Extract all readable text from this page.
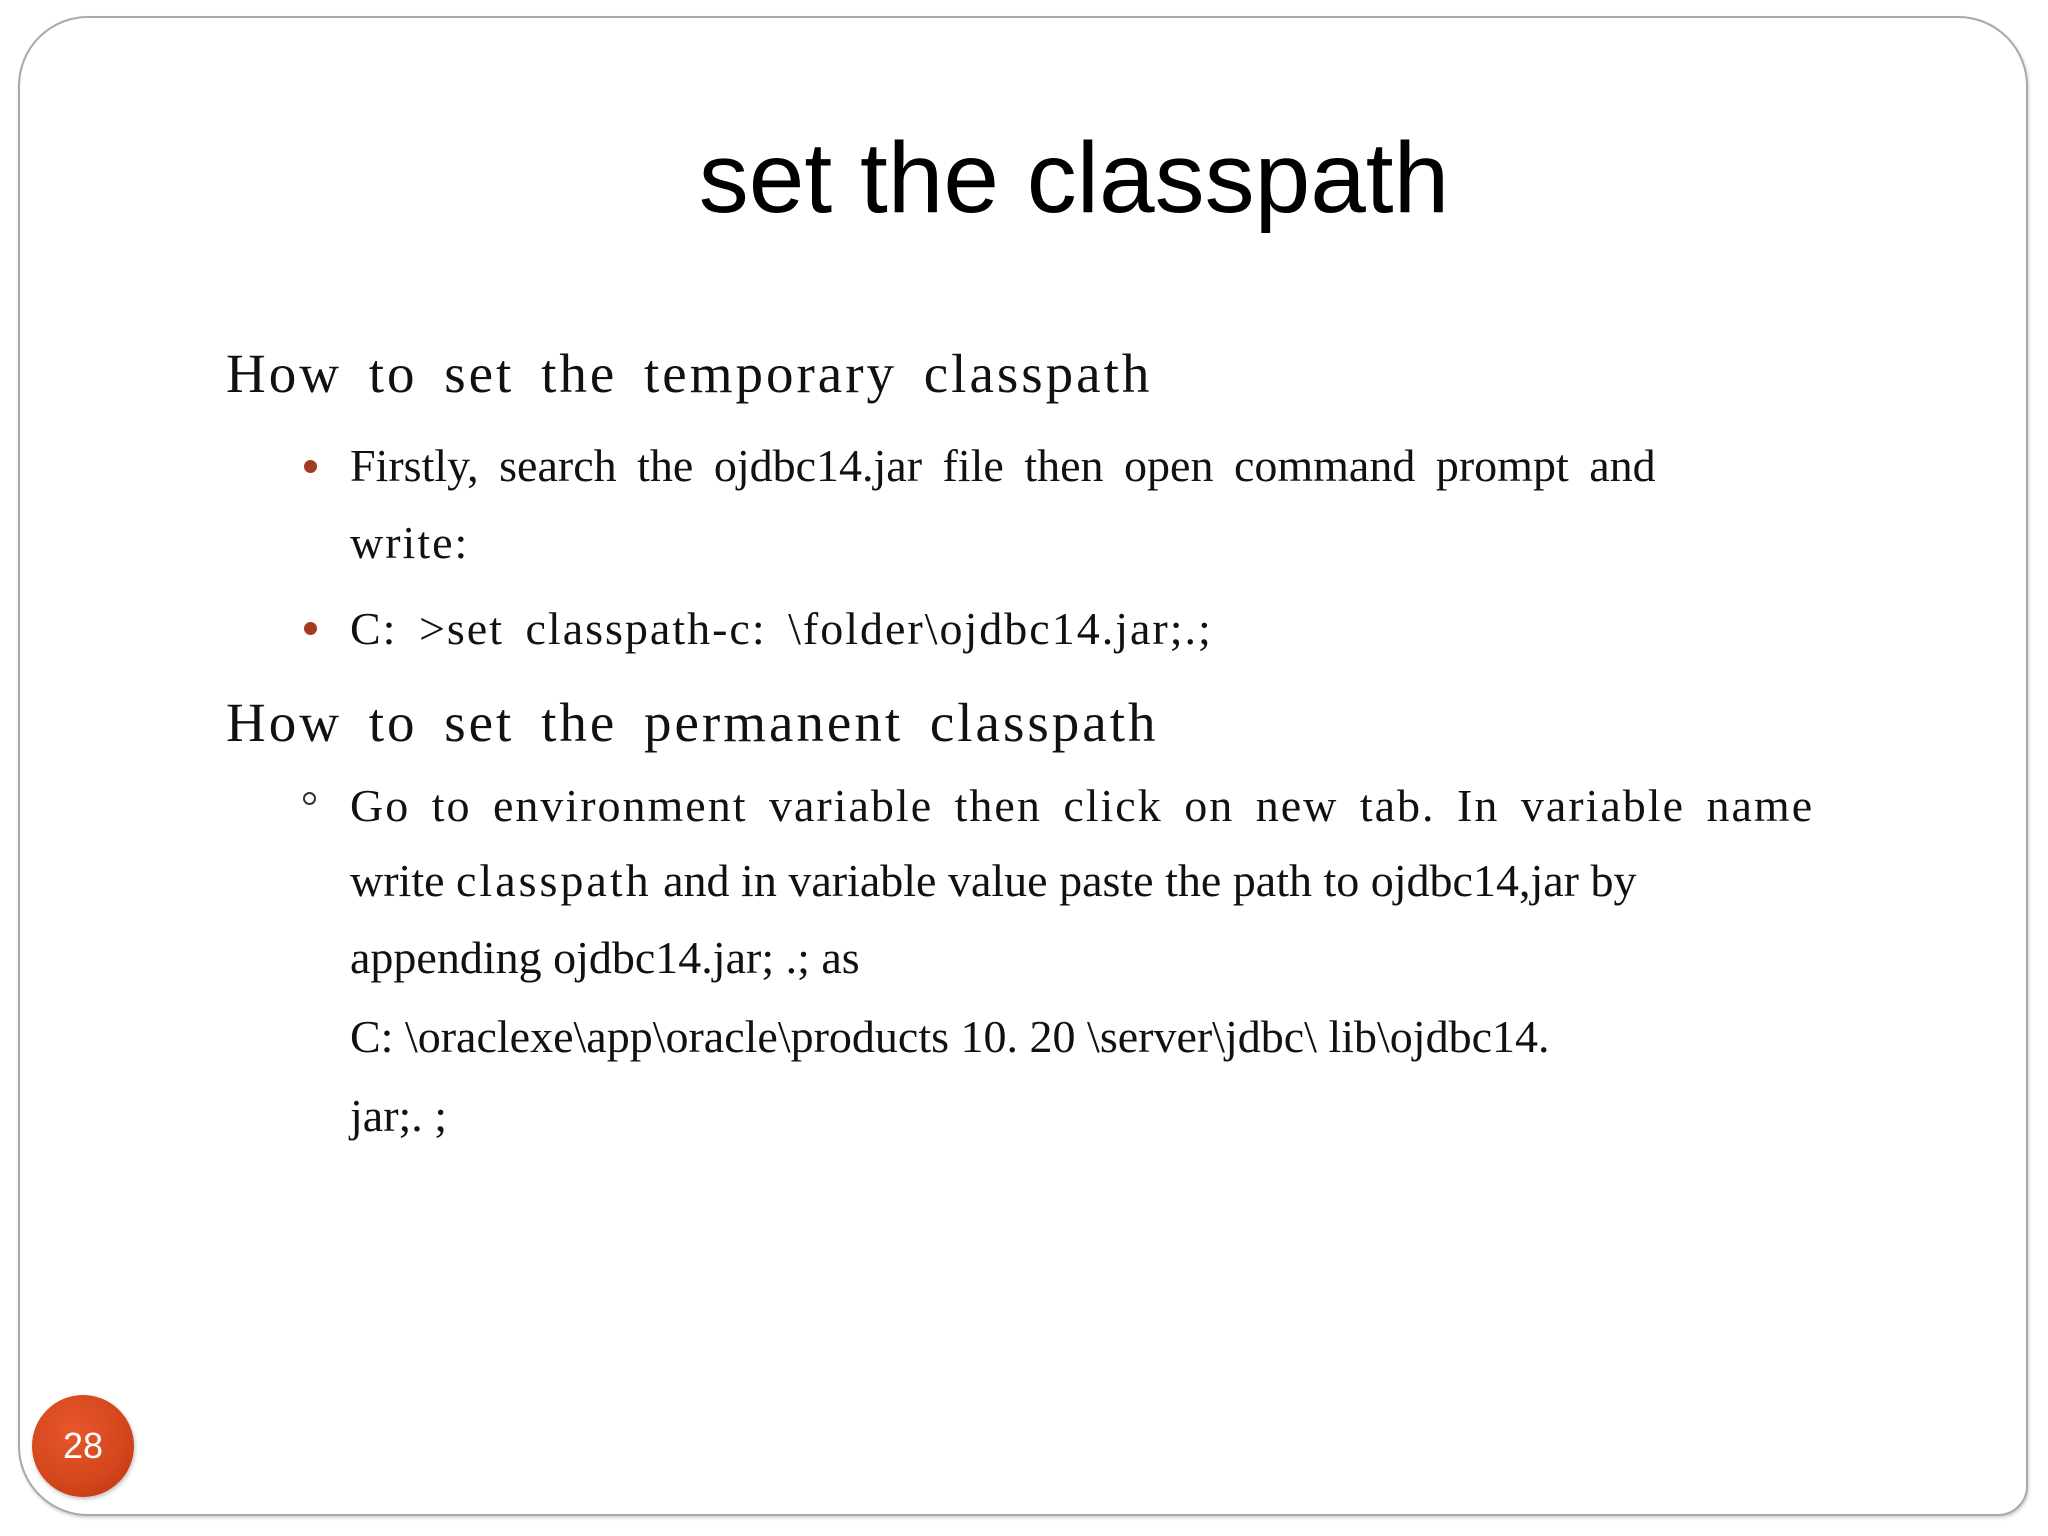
set the classpath
How to set the temporary classpath
Firstly, search the ojdbc14.jar file then open command prompt and
write:
C: >set classpath-c: \folder\ojdbc14.jar;.;
How to set the permanent classpath
Go to environment variable then click on new tab. In variable name
write classpath and in variable value paste the path to ojdbc14,jar by
appending ojdbc14.jar; .; as
C: \oraclexe\app\oracle\products 10. 20 \server\jdbc\ lib\ojdbc14.
jar;. ;
28
